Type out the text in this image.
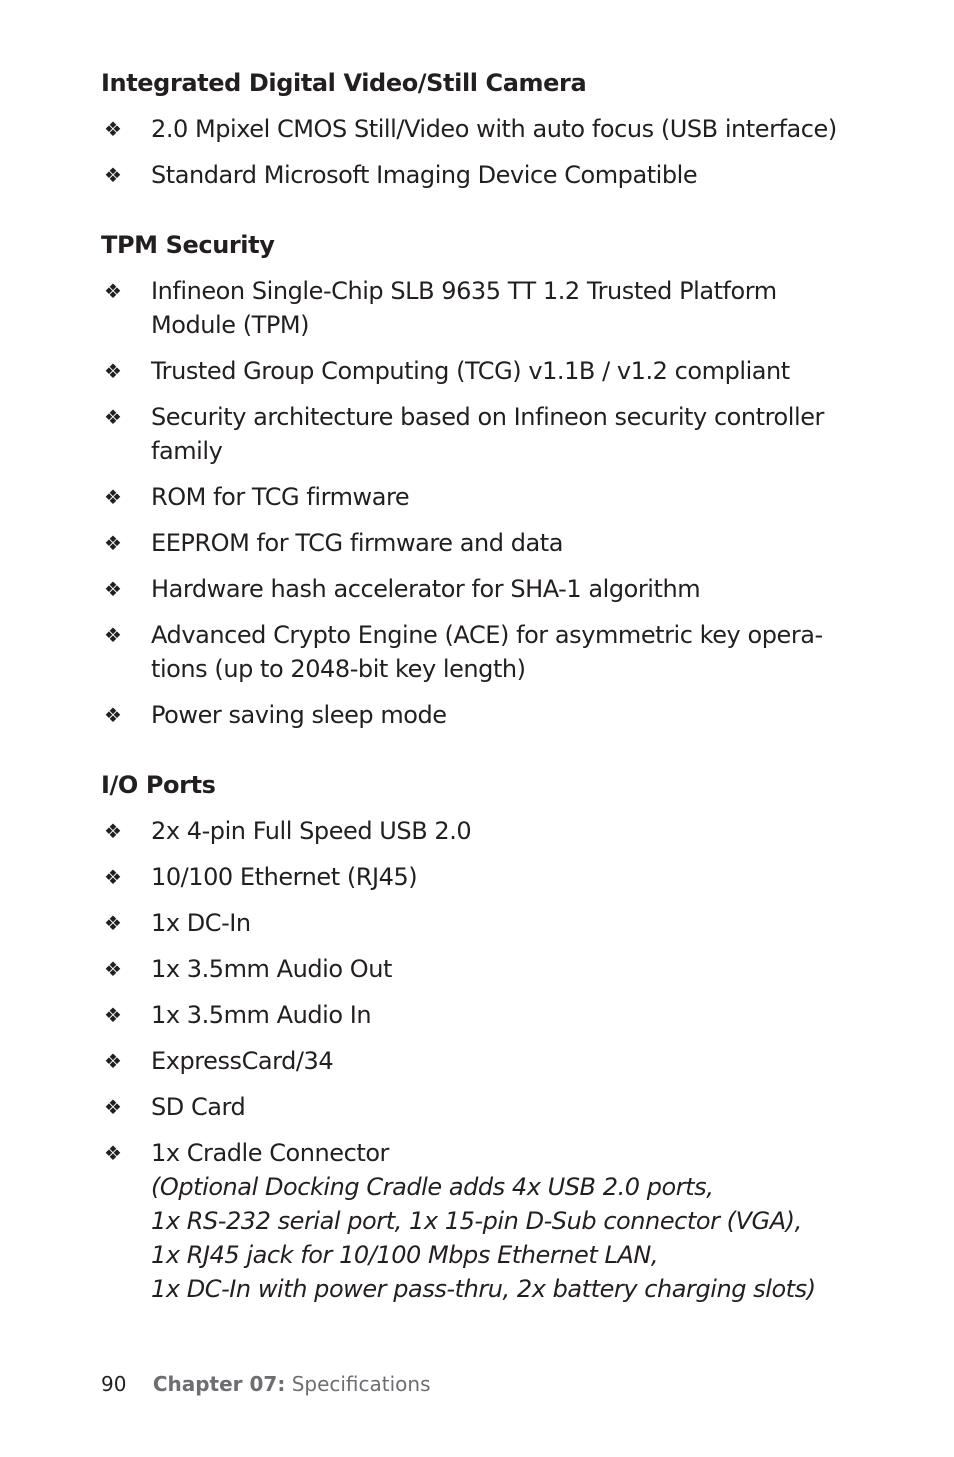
Integrated Digital Video/Still Camera
❖ 2.0 Mpixel CMOS Still/Video with auto focus (USB interface)
❖ Standard Microsoft Imaging Device Compatible
TPM Security
❖ Infineon Single-Chip SLB 9635 TT 1.2 Trusted Platform Module (TPM)
❖ Trusted Group Computing (TCG) v1.1B / v1.2 compliant
❖ Security architecture based on Infineon security controller family
❖ ROM for TCG firmware
❖ EEPROM for TCG firmware and data
❖ Hardware hash accelerator for SHA-1 algorithm
❖ Advanced Crypto Engine (ACE) for asymmetric key operations (up to 2048-bit key length)
❖ Power saving sleep mode
I/O Ports
❖ 2x 4-pin Full Speed USB 2.0
❖ 10/100 Ethernet (RJ45)
❖ 1x DC-In
❖ 1x 3.5mm Audio Out
❖ 1x 3.5mm Audio In
❖ ExpressCard/34
❖ SD Card
❖ 1x Cradle Connector
(Optional Docking Cradle adds 4x USB 2.0 ports,
1x RS-232 serial port, 1x 15-pin D-Sub connector (VGA),
1x RJ45 jack for 10/100 Mbps Ethernet LAN,
1x DC-In with power pass-thru, 2x battery charging slots)
90 Chapter 07: Specifications
